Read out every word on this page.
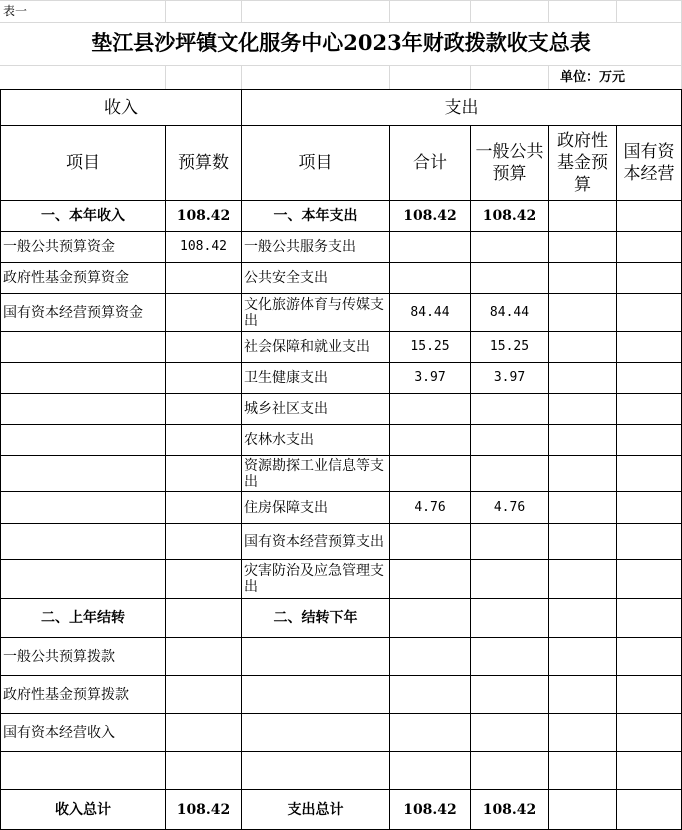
表一
垫江县沙坪镇文化服务中心2023年财政拨款收支总表
单位：万元
收入		支出				
项目	预算数	项目	合计	一般公共预算	政府性基金预算	国有资本经营
一、本年收入	108.42	一、本年支出	108.42	108.42		
一般公共预算资金	108.42	一般公共服务支出				
政府性基金预算资金		公共安全支出				
国有资本经营预算资金		文化旅游体育与传媒支出	84.44	84.44		
		社会保障和就业支出	15.25	15.25		
		卫生健康支出	3.97	3.97		
		城乡社区支出				
		农林水支出				
		资源勘探工业信息等支出				
		住房保障支出	4.76	4.76		
		国有资本经营预算支出				
		灾害防治及应急管理支出				
二、上年结转		二、结转下年				
一般公共预算拨款						
政府性基金预算拨款						
国有资本经营收入						

收入总计	108.42	支出总计	108.42	108.42		
